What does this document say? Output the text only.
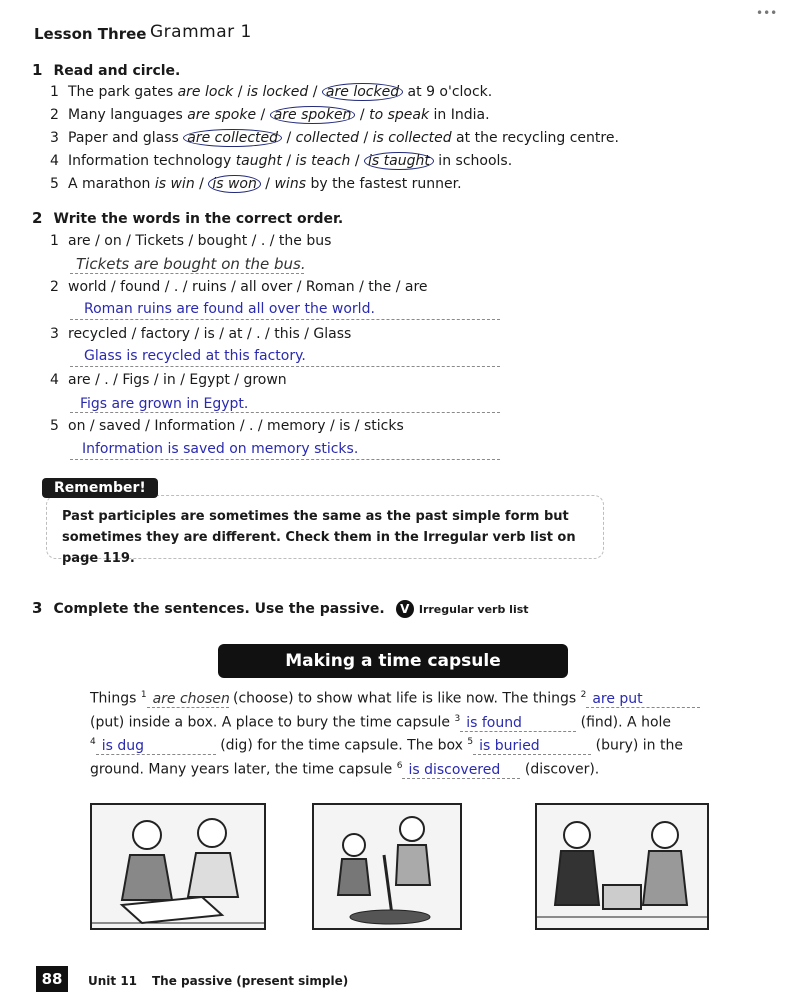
•••
Lesson Three Grammar 1
1 Read and circle.
1 The park gates are lock / is locked / are locked at 9 o'clock.
2 Many languages are spoke / are spoken / to speak in India.
3 Paper and glass are collected / collected / is collected at the recycling centre.
4 Information technology taught / is teach / is taught in schools.
5 A marathon is win / is won / wins by the fastest runner.
2 Write the words in the correct order.
1 are / on / Tickets / bought / . / the bus
Tickets are bought on the bus.
2 world / found / . / ruins / all over / Roman / the / are
Roman ruins are found all over the world.
3 recycled / factory / is / at / . / this / Glass
Glass is recycled at this factory.
4 are / . / Figs / in / Egypt / grown
Figs are grown in Egypt.
5 on / saved / Information / . / memory / is / sticks
Information is saved on memory sticks.
Remember!
Past participles are sometimes the same as the past simple form but sometimes they are different. Check them in the Irregular verb list on page 119.
3 Complete the sentences. Use the passive. V Irregular verb list
Making a time capsule
Things $^1$ are chosen (choose) to show what life is like now. The things $^2$ are put
(put) inside a box. A place to bury the time capsule $^3$ is found	(find). A hole
$^4$ is dug	(dig) for the time capsule. The box $^5$ is buried	(bury) in the
ground. Many years later, the time capsule $^6$ is discovered (discover).
88	Unit 11 The passive (present simple)
